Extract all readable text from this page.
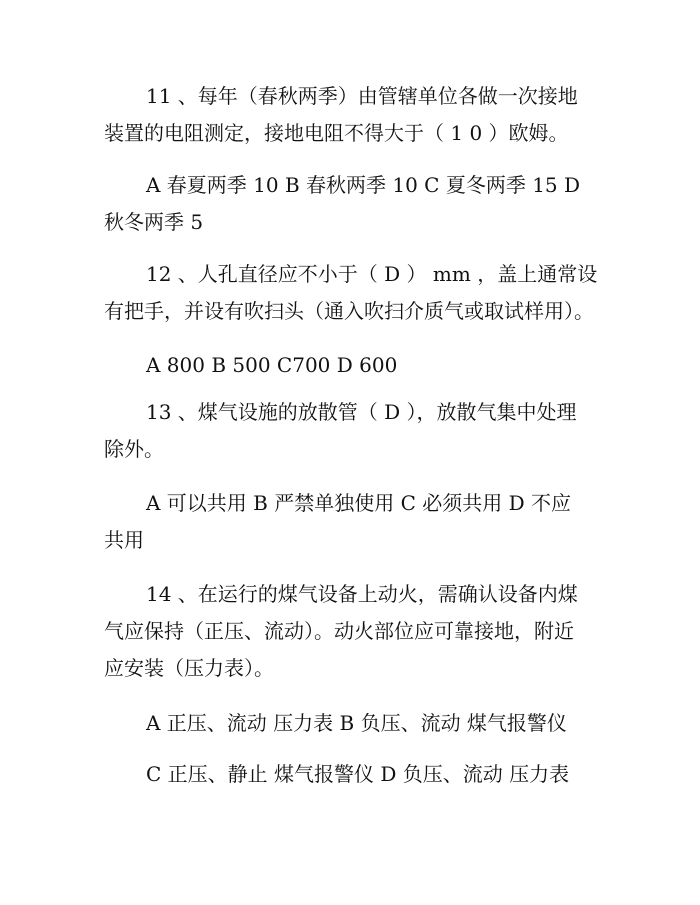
11 、每年（春秋两季）由管辖单位各做一次接地
装置的电阻测定，接地电阻不得大于（ 1 0 ）欧姆。
A 春夏两季 10 B 春秋两季 10 C 夏冬两季 15 D
秋冬两季 5
12 、人孔直径应不小于（ D ） mm ，盖上通常设
有把手，并设有吹扫头（通入吹扫介质气或取试样用）。
A 800 B 500 C700 D 600
13 、煤气设施的放散管（ D ），放散气集中处理
除外。
A 可以共用 B 严禁单独使用 C 必须共用 D 不应
共用
14 、在运行的煤气设备上动火，需确认设备内煤
气应保持（正压、流动）。动火部位应可靠接地，附近
应安装（压力表）。
A 正压、流动 压力表 B 负压、流动 煤气报警仪
C 正压、静止 煤气报警仪 D 负压、流动 压力表
